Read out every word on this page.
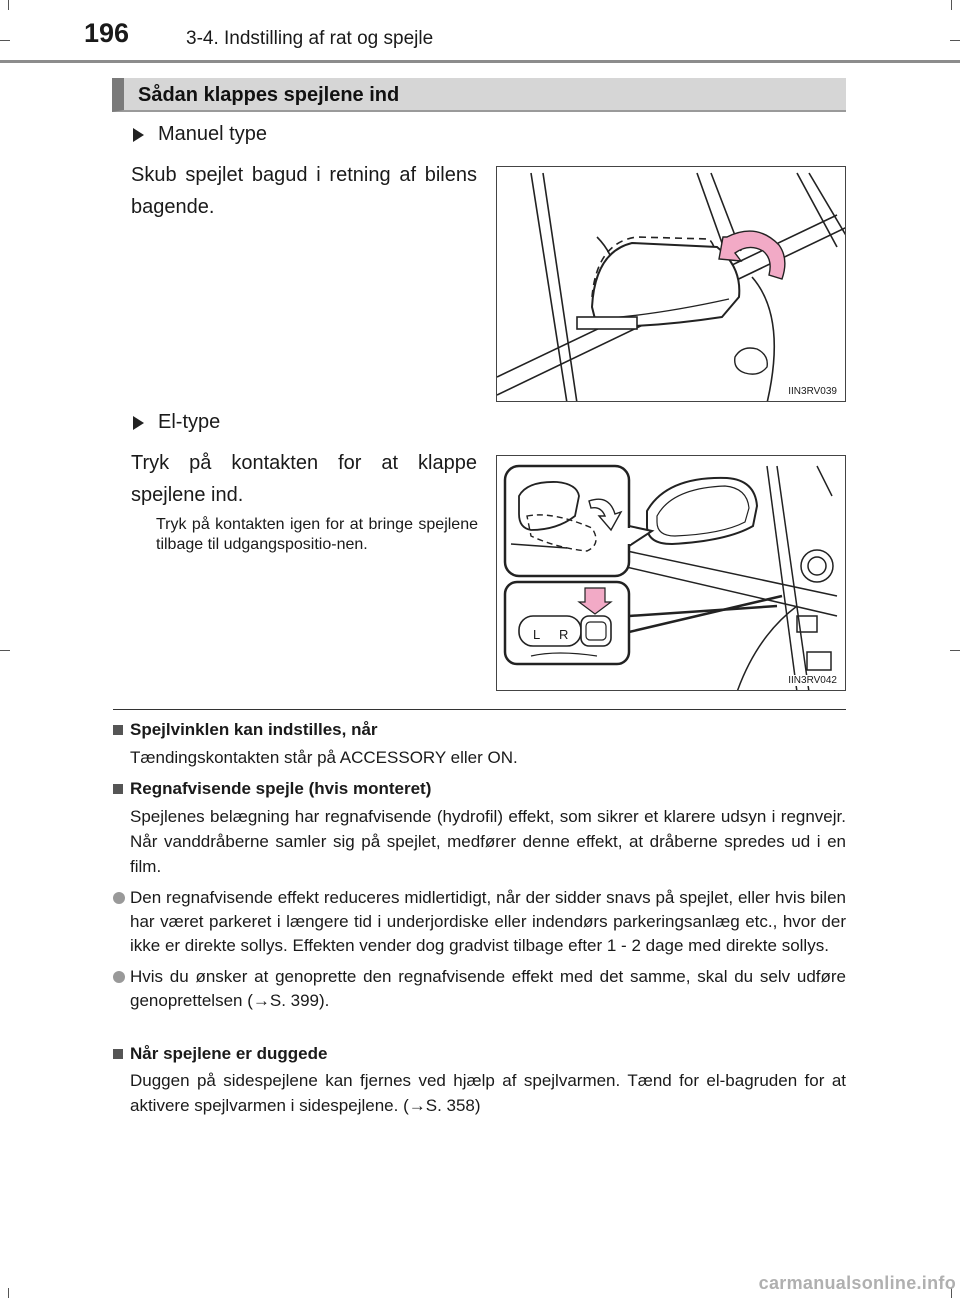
196	3-4. Indstilling af rat og spejle
Sådan klappes spejlene ind
Manuel type
Skub spejlet bagud i retning af bilens bagende.
IIN3RV039
El-type
Tryk på kontakten for at klappe spejlene ind.
Tryk på kontakten igen for at bringe spejlene tilbage til udgangspositio-nen.
L R
IIN3RV042
Spejlvinklen kan indstilles, når
Tændingskontakten står på ACCESSORY eller ON.
Regnafvisende spejle (hvis monteret)
Spejlenes belægning har regnafvisende (hydrofil) effekt, som sikrer et klarere udsyn i regnvejr. Når vanddråberne samler sig på spejlet, medfører denne effekt, at dråberne spredes ud i en film.
Den regnafvisende effekt reduceres midlertidigt, når der sidder snavs på spejlet, eller hvis bilen har været parkeret i længere tid i underjordiske eller indendørs parkeringsanlæg etc., hvor der ikke er direkte sollys. Effekten vender dog gradvist tilbage efter 1 - 2 dage med direkte sollys.
Hvis du ønsker at genoprette den regnafvisende effekt med det samme, skal du selv udføre genoprettelsen (→S. 399).
Når spejlene er duggede
Duggen på sidespejlene kan fjernes ved hjælp af spejlvarmen. Tænd for el-bagruden for at aktivere spejlvarmen i sidespejlene. (→S. 358)
carmanualsonline.info
